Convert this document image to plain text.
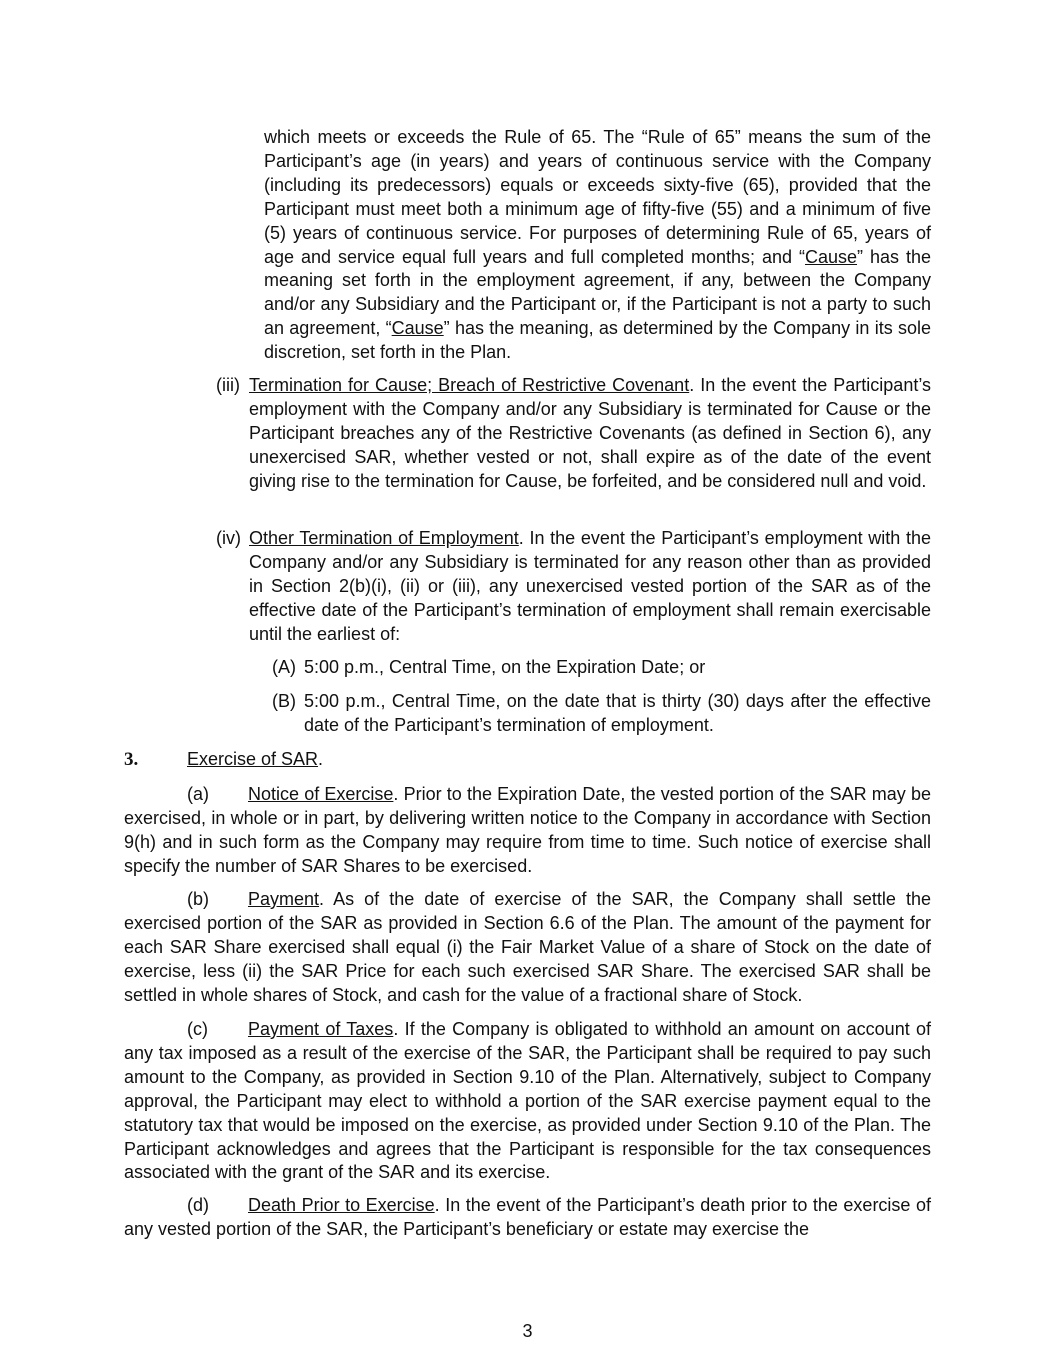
which meets or exceeds the Rule of 65. The “Rule of 65” means the sum of the Participant’s age (in years) and years of continuous service with the Company (including its predecessors) equals or exceeds sixty-five (65), provided that the Participant must meet both a minimum age of fifty-five (55) and a minimum of five (5) years of continuous service. For purposes of determining Rule of 65, years of age and service equal full years and full completed months; and “Cause” has the meaning set forth in the employment agreement, if any, between the Company and/or any Subsidiary and the Participant or, if the Participant is not a party to such an agreement, “Cause” has the meaning, as determined by the Company in its sole discretion, set forth in the Plan.

(iii) Termination for Cause; Breach of Restrictive Covenant. In the event the Participant’s employment with the Company and/or any Subsidiary is terminated for Cause or the Participant breaches any of the Restrictive Covenants (as defined in Section 6), any unexercised SAR, whether vested or not, shall expire as of the date of the event giving rise to the termination for Cause, be forfeited, and be considered null and void.

(iv) Other Termination of Employment. In the event the Participant’s employment with the Company and/or any Subsidiary is terminated for any reason other than as provided in Section 2(b)(i), (ii) or (iii), any unexercised vested portion of the SAR as of the effective date of the Participant’s termination of employment shall remain exercisable until the earliest of:

(A) 5:00 p.m., Central Time, on the Expiration Date; or

(B) 5:00 p.m., Central Time, on the date that is thirty (30) days after the effective date of the Participant’s termination of employment.

3.	Exercise of SAR.

(a) Notice of Exercise. Prior to the Expiration Date, the vested portion of the SAR may be exercised, in whole or in part, by delivering written notice to the Company in accordance with Section 9(h) and in such form as the Company may require from time to time. Such notice of exercise shall specify the number of SAR Shares to be exercised.

(b) Payment. As of the date of exercise of the SAR, the Company shall settle the exercised portion of the SAR as provided in Section 6.6 of the Plan. The amount of the payment for each SAR Share exercised shall equal (i) the Fair Market Value of a share of Stock on the date of exercise, less (ii) the SAR Price for each such exercised SAR Share. The exercised SAR shall be settled in whole shares of Stock, and cash for the value of a fractional share of Stock.

(c) Payment of Taxes. If the Company is obligated to withhold an amount on account of any tax imposed as a result of the exercise of the SAR, the Participant shall be required to pay such amount to the Company, as provided in Section 9.10 of the Plan. Alternatively, subject to Company approval, the Participant may elect to withhold a portion of the SAR exercise payment equal to the statutory tax that would be imposed on the exercise, as provided under Section 9.10 of the Plan. The Participant acknowledges and agrees that the Participant is responsible for the tax consequences associated with the grant of the SAR and its exercise.

(d) Death Prior to Exercise. In the event of the Participant’s death prior to the exercise of any vested portion of the SAR, the Participant’s beneficiary or estate may exercise the

3
